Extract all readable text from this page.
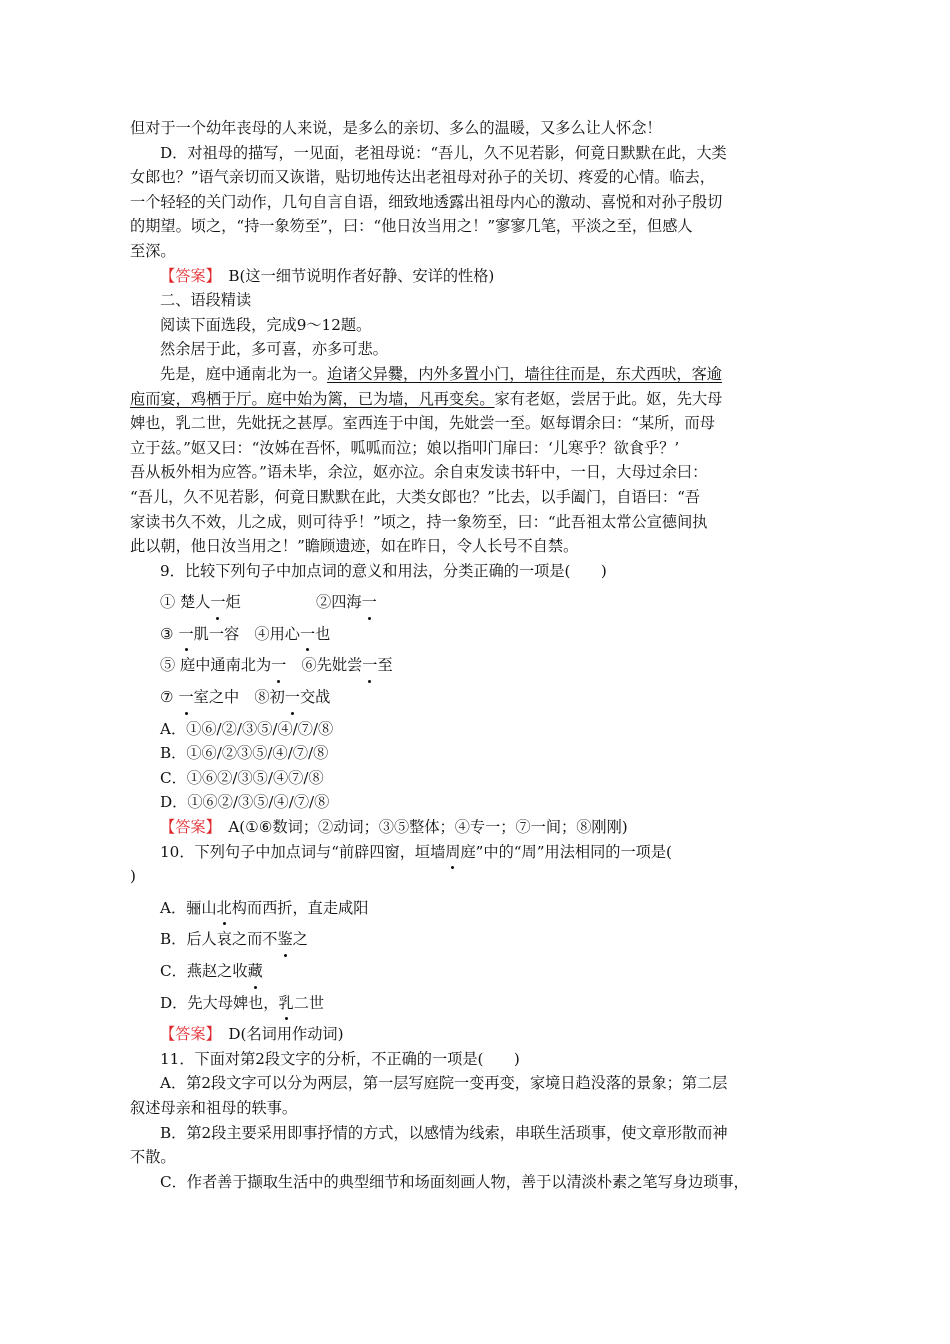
但对于一个幼年丧母的人来说，是多么的亲切、多么的温暖，又多么让人怀念！

D．对祖母的描写，一见面，老祖母说：“吾儿，久不见若影，何竟日默默在此，大类

女郎也？”语气亲切而又诙谐，贴切地传达出老祖母对孙子的关切、疼爱的心情。临去，

一个轻轻的关门动作，几句自言自语，细致地透露出祖母内心的激动、喜悦和对孙子殷切

的期望。顷之，“持一象笏至”，曰：“他日汝当用之！”寥寥几笔，平淡之至，但感人

至深。

【答案】　 B(这一细节说明作者好静、安详的性格)

二、语段精读

阅读下面选段，完成9～12题。

然余居于此，多可喜，亦多可悲。

先是，庭中通南北为一。迨诸父异爨，内外多置小门，墙往往而是，东犬西吠，客逾

庖而宴，鸡栖于厅。庭中始为篱，已为墙，凡再变矣。家有老妪，尝居于此。妪，先大母

婢也，乳二世，先妣抚之甚厚。室西连于中闺，先妣尝一至。妪每谓余曰：“某所，而母

立于兹。”妪又曰：“汝姊在吾怀，呱呱而泣；娘以指叩门扉曰：‘儿寒乎？欲食乎？’

吾从板外相为应答。”语未毕，余泣，妪亦泣。余自束发读书轩中，一日，大母过余曰：

“吾儿，久不见若影，何竟日默默在此，大类女郎也？”比去，以手阖门，自语曰：“吾

家读书久不效，儿之成，则可待乎！”顷之，持一象笏至，曰：“此吾祖太常公宣德间执

此以朝，他日汝当用之！”瞻顾遗迹，如在昨日，令人长号不自禁。

9．比较下列句子中加点词的意义和用法，分类正确的一项是(　　)

① 楚人一炬	②四海一

③ 一肌一容　 ④用心一也

⑤ 庭中通南北为一　 ⑥先妣尝一至

⑦ 一室之中　 ⑧初一交战

A．①⑥/②/③⑤/④/⑦/⑧

B．①⑥/②③⑤/④/⑦/⑧

C．①⑥②/③⑤/④⑦/⑧

D．①⑥②/③⑤/④/⑦/⑧

【答案】　 A(①⑥数词；②动词；③⑤整体；④专一；⑦一间；⑧刚刚)

10．下列句子中加点词与“前辟四窗，垣墙周庭”中的“周”用法相同的一项是(

)

A．骊山北构而西折，直走咸阳

B．后人哀之而不鉴之

C．燕赵之收藏

D．先大母婢也，乳二世

【答案】　 D(名词用作动词)

11．下面对第2段文字的分析，不正确的一项是(　　)

A．第2段文字可以分为两层，第一层写庭院一变再变，家境日趋没落的景象；第二层

叙述母亲和祖母的轶事。

B．第2段主要采用即事抒情的方式，以感情为线索，串联生活琐事，使文章形散而神

不散。

C．作者善于撷取生活中的典型细节和场面刻画人物，善于以清淡朴素之笔写身边琐事，
